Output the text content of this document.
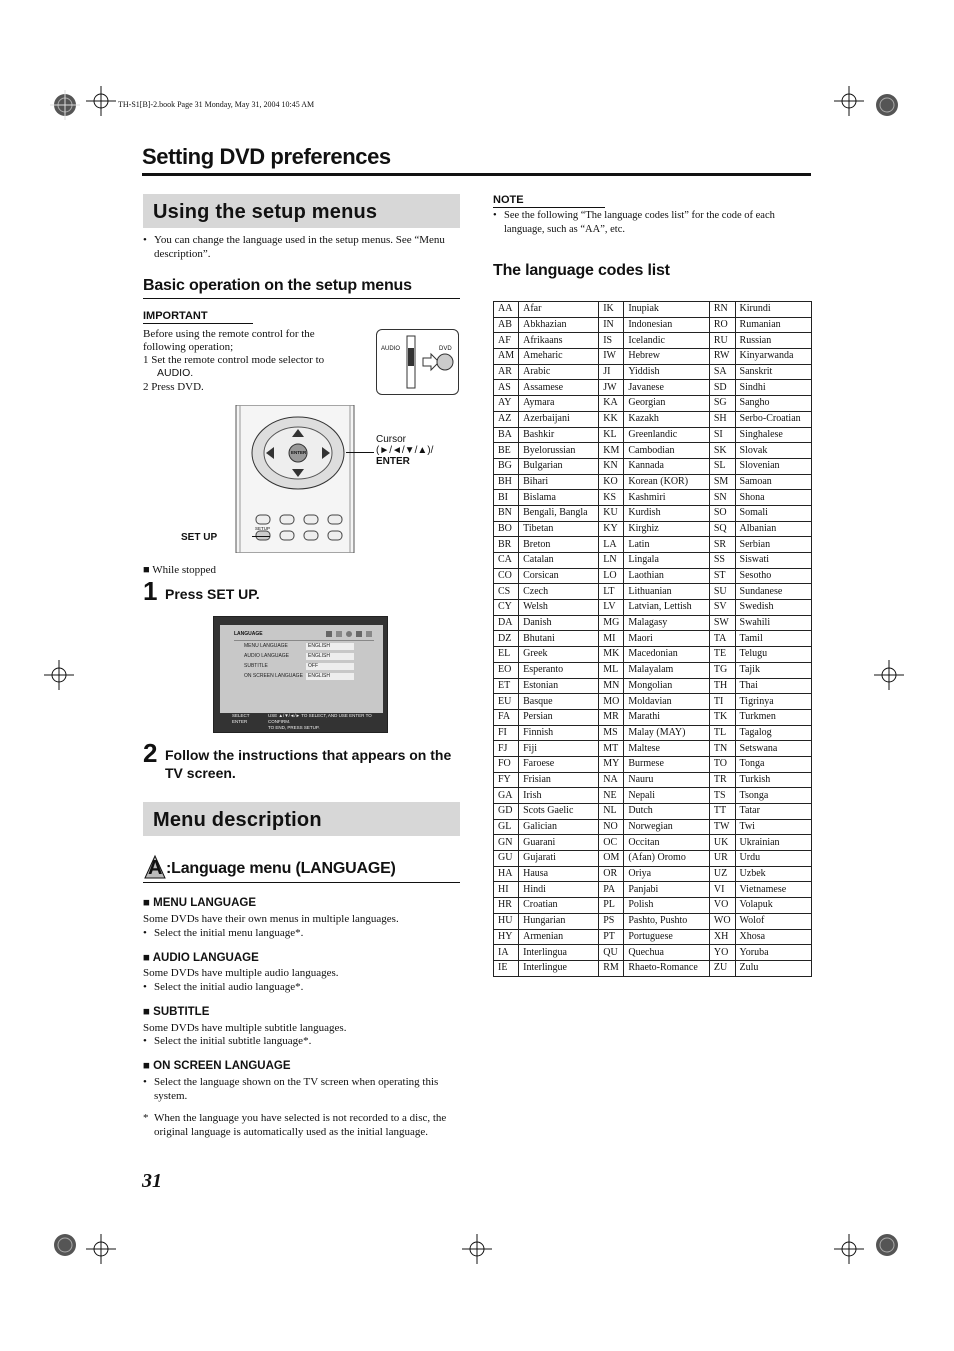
TH-S1[B]-2.book Page 31 Monday, May 31, 2004 10:45 AM
Setting DVD preferences
Using the setup menus
• You can change the language used in the setup menus. See “Menu description”.
Basic operation on the setup menus
IMPORTANT
Before using the remote control for the
following operation;
1 Set the remote control mode selector to
AUDIO.
2 Press DVD.
AUDIO	DVD
ENTER
SETUP
Cursor
(►/◄/▼/▲)/
ENTER
SET UP
■ While stopped
1 Press SET UP.
LANGUAGE
MENU LANGUAGE	ENGLISH
AUDIO LANGUAGE	ENGLISH
SUBTITLE	OFF
ON SCREEN LANGUAGE ENGLISH
SELECT
ENTER
USE ▲/▼/◄/► TO SELECT, AND USE ENTER TO CONFIRM.
TO END, PRESS SETUP.
2 Follow the instructions that appears on the TV screen.
Menu description
A :Language menu (LANGUAGE)
■ MENU LANGUAGE
Some DVDs have their own menus in multiple languages.
• Select the initial menu language*.
■ AUDIO LANGUAGE
Some DVDs have multiple audio languages.
• Select the initial audio language*.
■ SUBTITLE
Some DVDs have multiple subtitle languages.
• Select the initial subtitle language*.
■ ON SCREEN LANGUAGE
• Select the language shown on the TV screen when operating this system.
* When the language you have selected is not recorded to a disc, the original language is automatically used as the initial language.
31
NOTE
• See the following “The language codes list” for the code of each language, such as “AA”, etc.
The language codes list
AA	Afar	IK	Inupiak	RN	Kirundi
AB	Abkhazian	IN	Indonesian	RO	Rumanian
AF	Afrikaans	IS	Icelandic	RU	Russian
AM	Ameharic	IW	Hebrew	RW	Kinyarwanda
AR	Arabic	JI	Yiddish	SA	Sanskrit
AS	Assamese	JW	Javanese	SD	Sindhi
AY	Aymara	KA	Georgian	SG	Sangho
AZ	Azerbaijani	KK	Kazakh	SH	Serbo-Croatian
BA	Bashkir	KL	Greenlandic	SI	Singhalese
BE	Byelorussian	KM	Cambodian	SK	Slovak
BG	Bulgarian	KN	Kannada	SL	Slovenian
BH	Bihari	KO	Korean (KOR)	SM	Samoan
BI	Bislama	KS	Kashmiri	SN	Shona
BN	Bengali, Bangla	KU	Kurdish	SO	Somali
BO	Tibetan	KY	Kirghiz	SQ	Albanian
BR	Breton	LA	Latin	SR	Serbian
CA	Catalan	LN	Lingala	SS	Siswati
CO	Corsican	LO	Laothian	ST	Sesotho
CS	Czech	LT	Lithuanian	SU	Sundanese
CY	Welsh	LV	Latvian, Lettish	SV	Swedish
DA	Danish	MG	Malagasy	SW	Swahili
DZ	Bhutani	MI	Maori	TA	Tamil
EL	Greek	MK	Macedonian	TE	Telugu
EO	Esperanto	ML	Malayalam	TG	Tajik
ET	Estonian	MN	Mongolian	TH	Thai
EU	Basque	MO	Moldavian	TI	Tigrinya
FA	Persian	MR	Marathi	TK	Turkmen
FI	Finnish	MS	Malay (MAY)	TL	Tagalog
FJ	Fiji	MT	Maltese	TN	Setswana
FO	Faroese	MY	Burmese	TO	Tonga
FY	Frisian	NA	Nauru	TR	Turkish
GA	Irish	NE	Nepali	TS	Tsonga
GD	Scots Gaelic	NL	Dutch	TT	Tatar
GL	Galician	NO	Norwegian	TW	Twi
GN	Guarani	OC	Occitan	UK	Ukrainian
GU	Gujarati	OM	(Afan) Oromo	UR	Urdu
HA	Hausa	OR	Oriya	UZ	Uzbek
HI	Hindi	PA	Panjabi	VI	Vietnamese
HR	Croatian	PL	Polish	VO	Volapuk
HU	Hungarian	PS	Pashto, Pushto	WO	Wolof
HY	Armenian	PT	Portuguese	XH	Xhosa
IA	Interlingua	QU	Quechua	YO	Yoruba
IE	Interlingue	RM	Rhaeto-Romance	ZU	Zulu
